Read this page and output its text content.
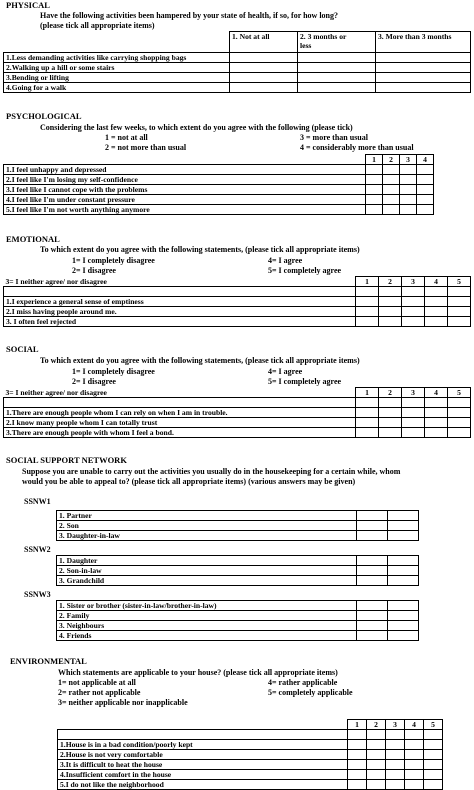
PHYSICAL
Have the following activities been hampered by your state of health, if so, for how long?
(please tick all appropriate items)
	1. Not at all	2. 3 months or
less	3. More than 3 months
1.Less demanding activities like carrying shopping bags			
2.Walking up a hill or some stairs			
3.Bending or lifting			
4.Going for a walk			
PSYCHOLOGICAL
Considering the last few weeks, to which extent do you agree with the following (please tick)
1 = not at all
2 = not more than usual
3 = more than usual
4 = considerably more than usual
	1	2	3	4
1.I feel unhappy and depressed				
2.I feel like I'm losing my self-confidence				
3.I feel like I cannot cope with the problems				
4.I feel like I'm under constant pressure				
5.I feel like I'm not worth anything anymore				
EMOTIONAL
To which extent do you agree with the following statements, (please tick all appropriate items)
1= I completely disagree
2= I disagree
4= I agree
5= I completely agree
3= I neither agree/ nor disagree	1	2	3	4	5

1.I experience a general sense of emptiness					
2.I miss having people around me.					
3. I often feel rejected					
SOCIAL
To which extent do you agree with the following statements, (please tick all appropriate items)
1= I completely disagree
2= I disagree
4= I agree
5= I completely agree
3= I neither agree/ nor disagree	1	2	3	4	5

1.There are enough people whom I can rely on when I am in trouble.					
2.I know many people whom I can totally trust					
3.There are enough people with whom I feel a bond.					
SOCIAL SUPPORT NETWORK
Suppose you are unable to carry out the activities you usually do in the housekeeping for a certain while, whom
would you be able to appeal to? (please tick all appropriate items) (various answers may be given)
SSNW1
1. Partner		
2. Son		
3. Daughter-in-law		
SSNW2
1. Daughter		
2. Son-in-law		
3. Grandchild		
SSNW3
1. Sister or brother (sister-in-law/brother-in-law)		
2. Family		
3. Neighbours		
4. Friends		
ENVIRONMENTAL
Which statements are applicable to your house? (please tick all appropriate items)
1= not applicable at all
2= rather not applicable
3= neither applicable nor inapplicable
4= rather applicable
5= completely applicable
	1	2	3	4	5

1.House is in a bad condition/poorly kept					
2.House is not very comfortable					
3.It is difficult to heat the house					
4.Insufficient comfort in the house					
5.I do not like the neighborhood					
